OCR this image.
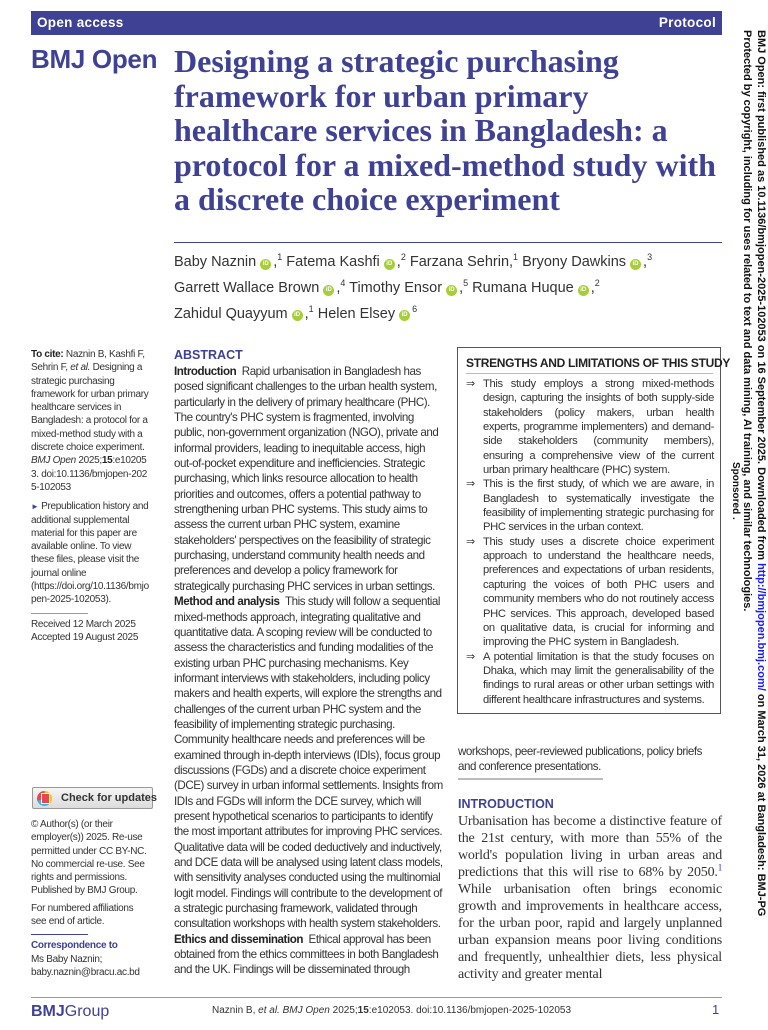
Open access	Protocol
BMJ Open Designing a strategic purchasing framework for urban primary healthcare services in Bangladesh: a protocol for a mixed-method study with a discrete choice experiment
Baby Naznin iD ,$^1$ Fatema Kashfi iD ,$^2$ Farzana Sehrin,$^1$ Bryony Dawkins iD ,$^3$
Garrett Wallace Brown iD ,$^4$ Timothy Ensor iD ,$^5$ Rumana Huque iD ,$^2$
Zahidul Quayyum iD ,$^1$ Helen Elsey $iD^6$
To cite: Naznin B, Kashfi F, Sehrin F, et al. Designing a strategic purchasing framework for urban primary healthcare services in Bangladesh: a protocol for a mixed-method study with a discrete choice experiment. BMJ Open 2025;15:e102053. doi:10.1136/bmjopen-2025-102053
► Prepublication history and additional supplemental material for this paper are available online. To view these files, please visit the journal online (https://doi.org/10.1136/bmjopen-2025-102053).
Received 12 March 2025
Accepted 19 August 2025
Check for updates
© Author(s) (or their employer(s)) 2025. Re-use permitted under CC BY-NC. No commercial re-use. See rights and permissions. Published by BMJ Group.
For numbered affiliations see end of article.
Correspondence to
Ms Baby Naznin;
baby.naznin@bracu.ac.bd
ABSTRACT

Introduction Rapid urbanisation in Bangladesh has posed significant challenges to the urban health system, particularly in the delivery of primary healthcare (PHC). The country's PHC system is fragmented, involving public, non-government organization (NGO), private and informal providers, leading to inequitable access, high out-of-pocket expenditure and inefficiencies. Strategic purchasing, which links resource allocation to health priorities and outcomes, offers a potential pathway to strengthening urban PHC systems. This study aims to assess the current urban PHC system, examine stakeholders' perspectives on the feasibility of strategic purchasing, understand community health needs and preferences and develop a policy framework for strategically purchasing PHC services in urban settings.

Method and analysis This study will follow a sequential mixed-methods approach, integrating qualitative and quantitative data. A scoping review will be conducted to assess the characteristics and funding modalities of the existing urban PHC purchasing mechanisms. Key informant interviews with stakeholders, including policy makers and health experts, will explore the strengths and challenges of the current urban PHC system and the feasibility of implementing strategic purchasing. Community healthcare needs and preferences will be examined through in-depth interviews (IDIs), focus group discussions (FGDs) and a discrete choice experiment (DCE) survey in urban informal settlements. Insights from IDIs and FGDs will inform the DCE survey, which will present hypothetical scenarios to participants to identify the most important attributes for improving PHC services. Qualitative data will be coded deductively and inductively, and DCE data will be analysed using latent class models, with sensitivity analyses conducted using the multinomial logit model. Findings will contribute to the development of a strategic purchasing framework, validated through consultation workshops with health system stakeholders.

Ethics and dissemination Ethical approval has been obtained from the ethics committees in both Bangladesh and the UK. Findings will be disseminated through

STRENGTHS AND LIMITATIONS OF THIS STUDY
⇒ This study employs a strong mixed-methods design, capturing the insights of both supply-side stakeholders (policy makers, urban health experts, programme implementers) and demand-side stakeholders (community members), ensuring a comprehensive view of the current urban primary healthcare (PHC) system.
⇒ This is the first study, of which we are aware, in Bangladesh to systematically investigate the feasibility of implementing strategic purchasing for PHC services in the urban context.
⇒ This study uses a discrete choice experiment approach to understand the healthcare needs, preferences and expectations of urban residents, capturing the voices of both PHC users and community members who do not routinely access PHC services. This approach, developed based on qualitative data, is crucial for informing and improving the PHC system in Bangladesh.
⇒ A potential limitation is that the study focuses on Dhaka, which may limit the generalisability of the findings to rural areas or other urban settings with different healthcare infrastructures and systems.
workshops, peer-reviewed publications, policy briefs and conference presentations.
INTRODUCTION
Urbanisation has become a distinctive feature of the 21st century, with more than 55% of the world's population living in urban areas and predictions that this will rise to 68% by 2050.$^1$ While urbanisation often brings economic growth and improvements in healthcare access, for the urban poor, rapid and largely unplanned urban expansion means poor living conditions and frequently, unhealthier diets, less physical activity and greater mental
BMJ Open: first published as 10.1136/bmjopen-2025-102053 on 16 September 2025. Downloaded from http://bmjopen.bmj.com/ on March 31, 2026 at Bangladesh: BMJ-PG
Protected by copyright, including for uses related to text and data mining, AI training, and similar technologies.
Sponsored .
BMJGroup	Naznin B, et al. BMJ Open 2025;15:e102053. doi:10.1136/bmjopen-2025-102053	1
